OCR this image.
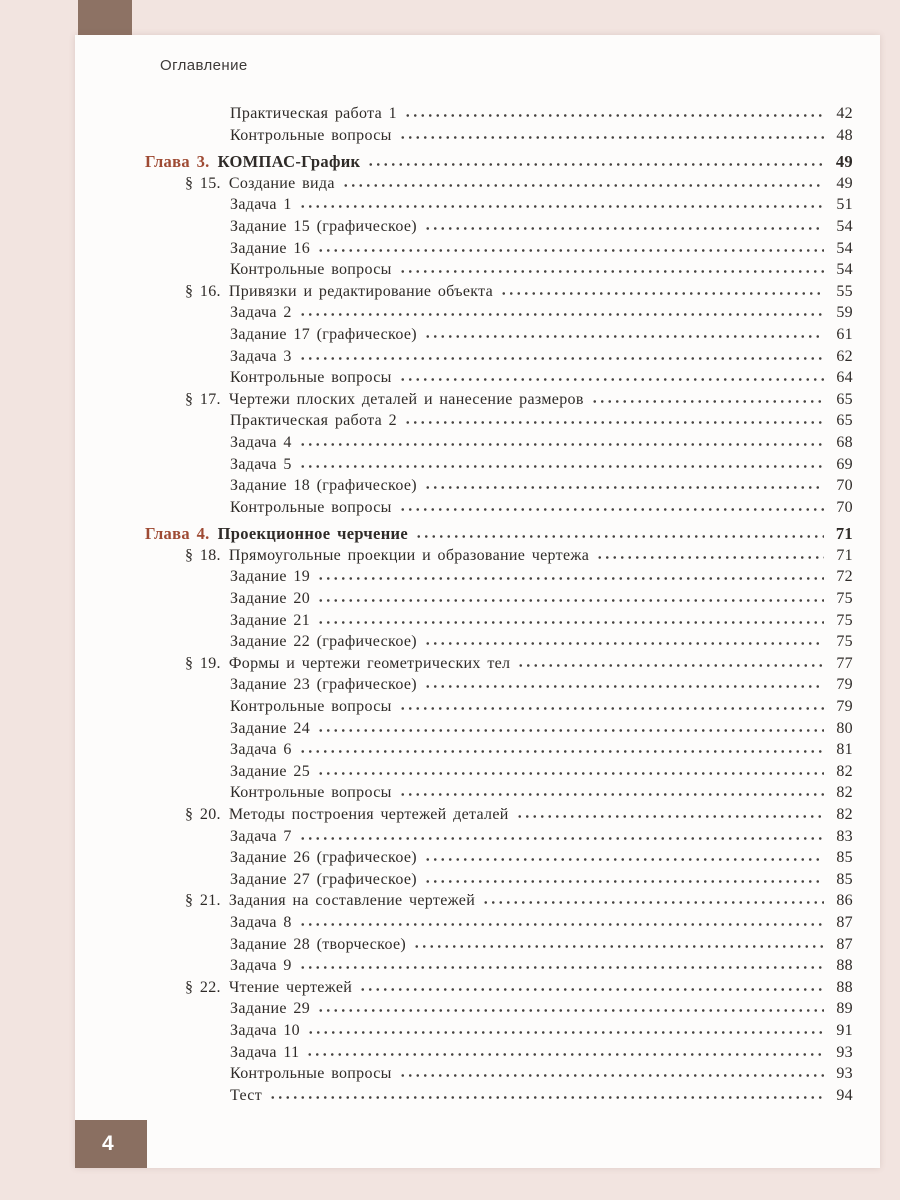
Оглавление
Практическая работа 1	42
Контрольные вопросы	48
Глава 3. КОМПАС-График	49
§ 15. Создание вида	49
Задача 1	51
Задание 15 (графическое)	54
Задание 16	54
Контрольные вопросы	54
§ 16. Привязки и редактирование объекта	55
Задача 2	59
Задание 17 (графическое)	61
Задача 3	62
Контрольные вопросы	64
§ 17. Чертежи плоских деталей и нанесение размеров	65
Практическая работа 2	65
Задача 4	68
Задача 5	69
Задание 18 (графическое)	70
Контрольные вопросы	70
Глава 4. Проекционное черчение	71
§ 18. Прямоугольные проекции и образование чертежа	71
Задание 19	72
Задание 20	75
Задание 21	75
Задание 22 (графическое)	75
§ 19. Формы и чертежи геометрических тел	77
Задание 23 (графическое)	79
Контрольные вопросы	79
Задание 24	80
Задача 6	81
Задание 25	82
Контрольные вопросы	82
§ 20. Методы построения чертежей деталей	82
Задача 7	83
Задание 26 (графическое)	85
Задание 27 (графическое)	85
§ 21. Задания на составление чертежей	86
Задача 8	87
Задание 28 (творческое)	87
Задача 9	88
§ 22. Чтение чертежей	88
Задание 29	89
Задача 10	91
Задача 11	93
Контрольные вопросы	93
Тест	94
4
